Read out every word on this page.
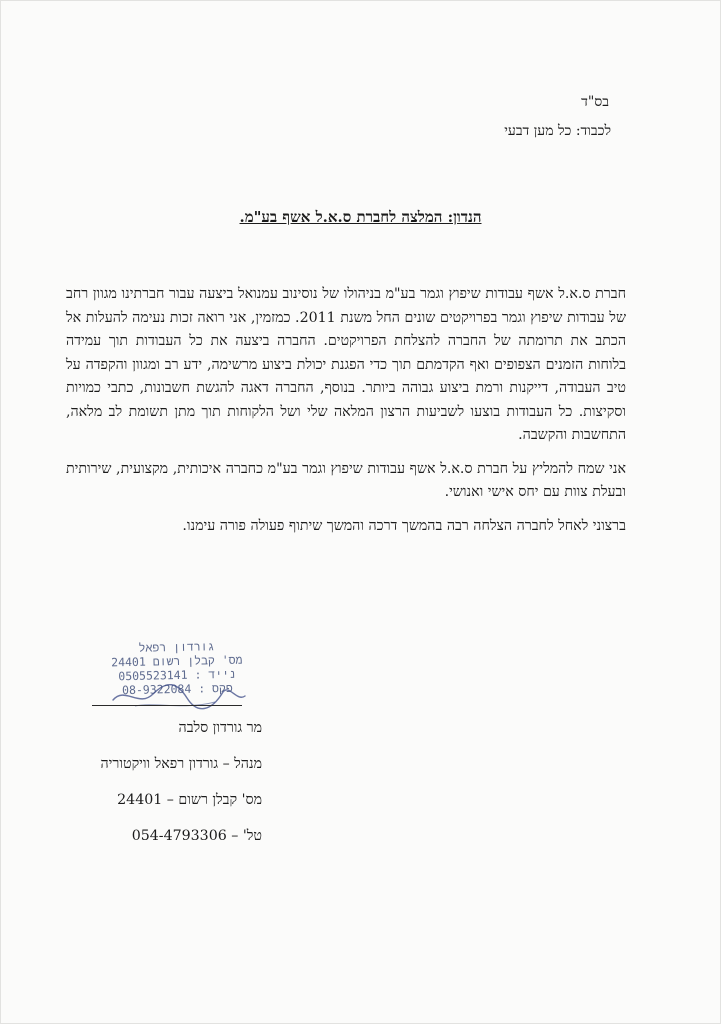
בס"ד
לכבוד: כל מען דבעי
הנדון: המלצה לחברת ס.א.ל אשף בע"מ.

חברת ס.א.ל אשף עבודות שיפוץ וגמר בע"מ בניהולו של נוסינוב עמנואל ביצעה עבור חברתינו מגוון רחב של עבודות שיפוץ וגמר בפרויקטים שונים החל משנת 2011. כמזמין, אני רואה זכות נעימה להעלות אל הכתב את תרומתה של החברה להצלחת הפרויקטים. החברה ביצעה את כל העבודות תוך עמידה בלוחות הזמנים הצפופים ואף הקדמתם תוך כדי הפגנת יכולת ביצוע מרשימה, ידע רב ומגוון והקפדה על טיב העבודה, דייקנות ורמת ביצוע גבוהה ביותר. בנוסף, החברה דאגה להגשת חשבונות, כתבי כמויות וסקיצות. כל העבודות בוצעו לשביעות הרצון המלאה שלי ושל הלקוחות תוך מתן תשומת לב מלאה, התחשבות והקשבה.

אני שמח להמליץ על חברת ס.א.ל אשף עבודות שיפוץ וגמר בע"מ כחברה איכותית, מקצועית, שירותית ובעלת צוות עם יחס אישי ואנושי.

ברצוני לאחל לחברה הצלחה רבה בהמשך דרכה והמשך שיתוף פעולה פורה עימנו.

גורדון רפאל
מס' קבלן רשום 24401
נייד : 0505523141
פקס : 08-9322084
מר גורדון סלבה
מנהל – גורדון רפאל וויקטוריה
מס' קבלן רשום – 24401
טל' – 054-4793306
